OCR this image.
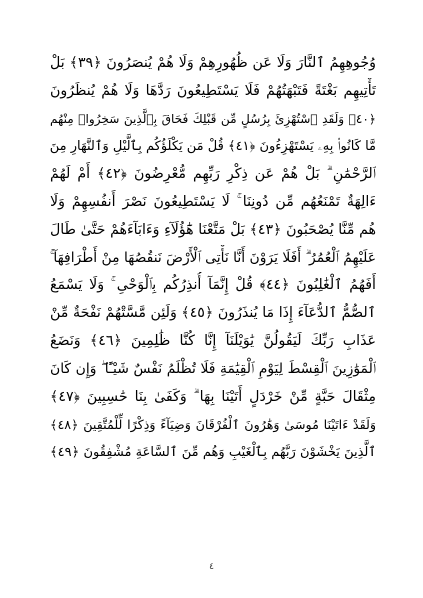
وُجُوهِهِمُ ٱلنَّارَ وَلَا عَن ظُهُورِهِمْ وَلَا هُمْ يُنصَرُونَ ﴿٣٩﴾ بَلْ
تَأْتِيهِم بَغْتَةً فَتَبْهَتُهُمْ فَلَا يَسْتَطِيعُونَ رَدَّهَا وَلَا هُمْ يُنظَرُونَ
﴿٤٠﴾ وَلَقَدِ ٱسْتُهْزِئَ بِرُسُلٍ مِّن قَبْلِكَ فَحَاقَ بِٱلَّذِينَ سَخِرُوا۟ مِنْهُم
مَّا كَانُوا۟ بِهِۦ يَسْتَهْزِءُونَ ﴿٤١﴾ قُلْ مَن يَكْلَؤُكُم بِٱلَّيْلِ وَٱلنَّهَارِ مِنَ
ٱلرَّحْمَٰنِ ۗ بَلْ هُمْ عَن ذِكْرِ رَبِّهِم مُّعْرِضُونَ ﴿٤٢﴾ أَمْ لَهُمْ
ءَالِهَةٌ تَمْنَعُهُم مِّن دُونِنَا ۚ لَا يَسْتَطِيعُونَ نَصْرَ أَنفُسِهِمْ وَلَا
هُم مِّنَّا يُصْحَبُونَ ﴿٤٣﴾ بَلْ مَتَّعْنَا هَٰٓؤُلَآءِ وَءَابَآءَهُمْ حَتَّىٰ طَالَ
عَلَيْهِمُ ٱلْعُمُرُ ۗ أَفَلَا يَرَوْنَ أَنَّا نَأْتِى ٱلْأَرْضَ نَنقُصُهَا مِنْ أَطْرَافِهَآ ۚ
أَفَهُمُ ٱلْغَٰلِبُونَ ﴿٤٤﴾ قُلْ إِنَّمَآ أُنذِرُكُم بِٱلْوَحْىِ ۚ وَلَا يَسْمَعُ
ٱلصُّمُّ ٱلدُّعَآءَ إِذَا مَا يُنذَرُونَ ﴿٤٥﴾ وَلَئِن مَّسَّتْهُمْ نَفْحَةٌ مِّنْ
عَذَابِ رَبِّكَ لَيَقُولُنَّ يَٰوَيْلَنَآ إِنَّا كُنَّا ظَٰلِمِينَ ﴿٤٦﴾ وَنَضَعُ
ٱلْمَوَٰزِينَ ٱلْقِسْطَ لِيَوْمِ ٱلْقِيَٰمَةِ فَلَا تُظْلَمُ نَفْسٌ شَيْـًٔا ۖ وَإِن كَانَ
مِثْقَالَ حَبَّةٍ مِّنْ خَرْدَلٍ أَتَيْنَا بِهَا ۗ وَكَفَىٰ بِنَا حَٰسِبِينَ ﴿٤٧﴾
وَلَقَدْ ءَاتَيْنَا مُوسَىٰ وَهَٰرُونَ ٱلْفُرْقَانَ وَضِيَآءً وَذِكْرًا لِّلْمُتَّقِينَ ﴿٤٨﴾
ٱلَّذِينَ يَخْشَوْنَ رَبَّهُم بِٱلْغَيْبِ وَهُم مِّنَ ٱلسَّاعَةِ مُشْفِقُونَ ﴿٤٩﴾
٤
